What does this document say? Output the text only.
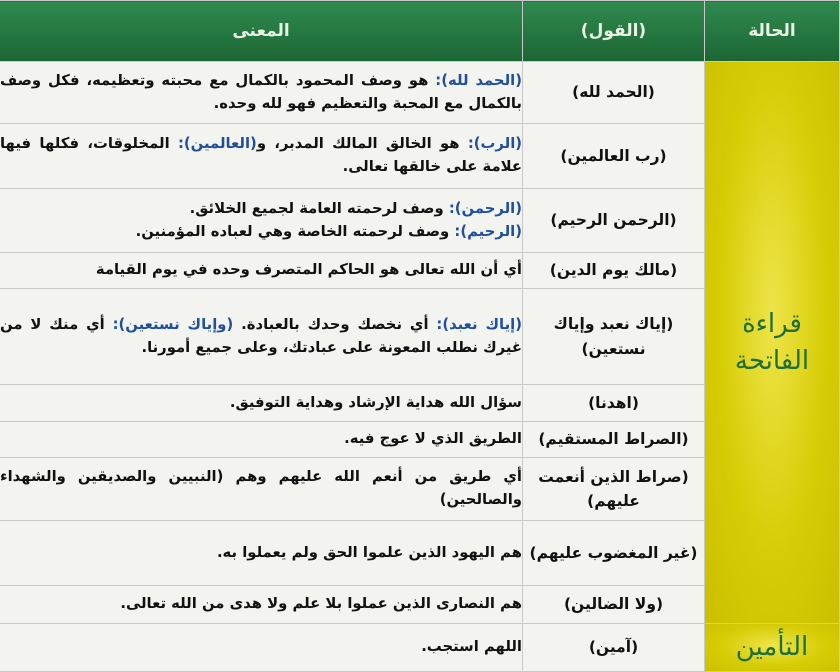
الحالة	(القول)	المعنى
قراءة الفاتحة	(الحمد لله)	(الحمد لله): هو وصف المحمود بالكمال مع محبته وتعظيمه، فكل وصف بالكمال مع المحبة والتعظيم فهو لله وحده.
	(رب العالمين)	(الرب): هو الخالق المالك المدبر، و(العالمين): المخلوقات، فكلها فيها علامة على خالقها تعالى.
	(الرحمن الرحيم)	(الرحمن): وصف لرحمته العامة لجميع الخلائق.
(الرحيم): وصف لرحمته الخاصة وهي لعباده المؤمنين.
	(مالك يوم الدين)	أي أن الله تعالى هو الحاكم المتصرف وحده في يوم القيامة
	(إياك نعبد وإياك نستعين)	(إياك نعبد): أي نخصك وحدك بالعبادة. (وإياك نستعين): أي منك لا من غيرك نطلب المعونة على عبادتك، وعلى جميع أمورنا.
	(اهدنا)	سؤال الله هداية الإرشاد وهداية التوفيق.
	(الصراط المستقيم)	الطريق الذي لا عوج فيه.
	(صراط الذين أنعمت عليهم)	أي طريق من أنعم الله عليهم وهم (النبيين والصديقين والشهداء والصالحين)
	(غير المغضوب عليهم)	هم اليهود الذين علموا الحق ولم يعملوا به.
	(ولا الضالين)	هم النصارى الذين عملوا بلا علم ولا هدى من الله تعالى.
التأمين	(آمين)	اللهم استجب.
